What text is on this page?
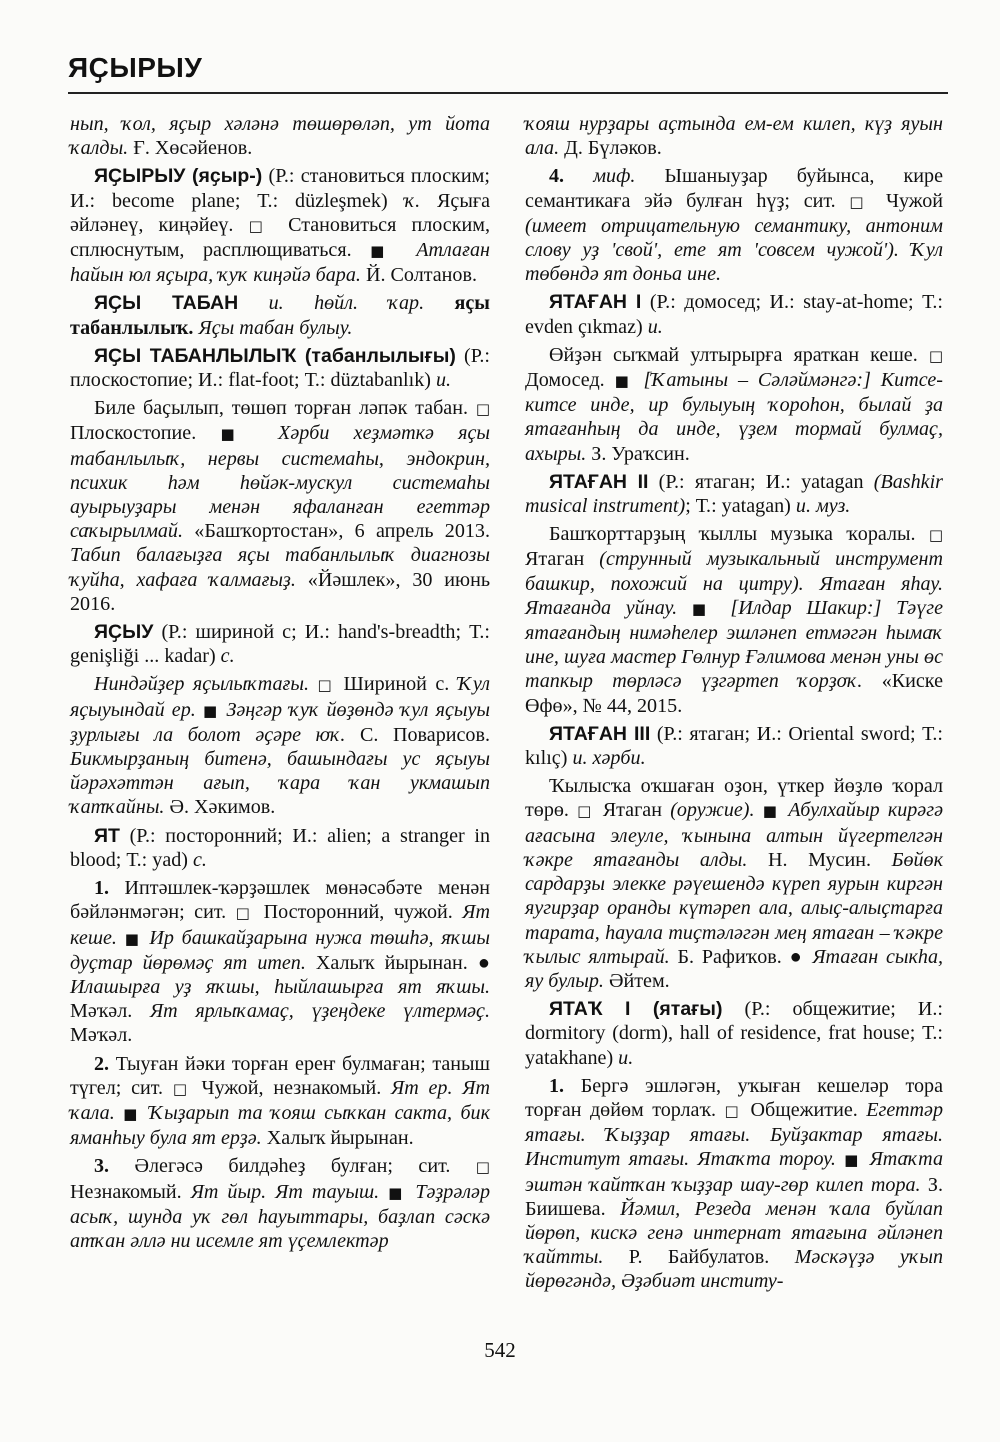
ЯҪЫРЫУ

нып, ҡол, яҫыр хәләнә төшөрөләп, ут йота ҡалды. Ғ. Хөсәйенов.

ЯҪЫРЫУ (яҫыр-) (Р.: становиться плоским; И.: become plane; Т.: düzleşmek) ҡ. Яҫыға әйләнеү, киңәйеү. □ Становиться плоским, сплюснутым, расплющиваться. ■ Атлаған һайын юл яҫыра, ҡуҡ киңәйә бара. Й. Солтанов.

ЯҪЫ ТАБАН и. һөйл. ҡар. яҫы табанлылыҡ. Яҫы табан булыу.

ЯҪЫ ТАБАНЛЫЛЫҠ (табанлылығы) (Р.: плоскостопие; И.: flat-foot; Т.: düztabanlık) и.

Биле баҫылып, төшөп торған ләпәк табан. □ Плоскостопие. ■ Хәрби хеҙмәткә яҫы табанлылыҡ, нервы системаһы, эндокрин, психик һәм һөйәк-мускул системаһы ауырыуҙары менән яфаланған егеттәр саҡырылмай. «Башҡортостан», 6 апрель 2013. Табип балағыҙға яҫы табанлылыҡ диагнозы ҡуйһа, хафаға ҡалмағыҙ. «Йәшлек», 30 июнь 2016.

ЯҪЫУ (Р.: шириной с; И.: hand's-breadth; Т.: genişliği ... kadar) с.

Ниндәйҙер яҫылыҡтағы. □ Шириной с. Ҡул яҫыуындай ер. ■ Зәңгәр ҡуҡ йөҙөндә ҡул яҫыуы ҙурлығы ла болот әҫәре юҡ. С. Поварисов. Бикмырҙаның битенә, башындағы ус яҫыуы йәрәхәттән ағып, ҡара ҡан укмашып ҡатҡайны. Ә. Хәкимов.

ЯТ (Р.: посторонний; И.: alien; a stranger in blood; Т.: yad) с.

1. Иптәшлек-ҡәрҙәшлек мөнәсәбәте менән бәйләнмәгән; сит. □ Посторонний, чужой. Ят кеше. ■ Ир башкайҙарына нужа төшһә, яҡшы дуҫтар йөрөмәҫ ят итеп. Халыҡ йырынан. ● Илашырға уҙ яҡшы, һыйлашырға ят яҡшы. Мәҡәл. Ят ярлыҡамаҫ, үҙеңдеке үлтермәҫ. Мәҡәл.

2. Тыуған йәки торған ереҥ булмаған; таныш түгел; сит. □ Чужой, незнакомый. Ят ер. Ят ҡала. ■ Ҡыҙарып та ҡояш сыҡкан сакта, бик яманһыу була ят ерҙә. Халыҡ йырынан.

3. Әлегәсә билдәһеҙ булған; сит. □ Незнакомый. Ят йыр. Ят тауыш. ■ Тәҙрәләр асыҡ, шунда уҡ гөл һауыттары, баҙлап сәскә атҡан әллә ни исемле ят үҫемлектәр

ҡояш нурҙары аҫтында ем-ем килеп, күҙ яуын ала. Д. Бүләков.

4. миф. Ышаныуҙар буйынса, кире семантикаға эйә булған һүҙ; сит. □ Чужой (имеет отрицательную семантику, антоним слову уҙ 'свой', ете ят 'совсем чужой'). Ҡул төбөндә ят доньа ине.

ЯТАҒАН I (Р.: домосед; И.: stay-at-home; Т.: evden çıkmaz) и.

Өйҙән сыҡмай ултырырға яраткан кеше. □ Домосед. ■ [Ҡатыны – Сәләймәнгә:] Китсе-китсе инде, ир булыуың ҡороһон, былай ҙа ятағанһың да инде, үҙем тормай булмаҫ, ахыры. З. Ураҡсин.

ЯТАҒАН II (Р.: ятаган; И.: yatagan (Bashkir musical instrument); Т.: yatagan) и. муз.

Башҡорттарҙың ҡыллы музыка ҡоралы. □ Ятаган (струнный музыкальный инструмент башкир, похожий на цитру). Ятаған яһау. Ятағанда уйнау. ■ [Илдар Шакир:] Тәүге ятағандың нимәһелер эшләнеп етмәгән һымаҡ ине, шуға мастер Гөлнур Ғәлимова менән уны өс тапкыр төрләсә үҙгәртеп ҡорҙоҡ. «Киске Өфө», № 44, 2015.

ЯТАҒАН III (Р.: ятаган; И.: Oriental sword; Т.: kılıç) и. хәрби.

Ҡылысҡа оҡшаған оҙон, үткер йөҙлө ҡорал төрө. □ Ятаган (оружие). ■ Абулхайыр кирәгә ағасына элеуле, ҡынына алтын йүгертелгән ҡәкре ятағанды алды. Н. Мусин. Бөйөк сардарҙы элекке рәүешендә күреп яурын киргән яугирҙар оранды күтәреп ала, алыҫ-алыҫтарға тарата, һауала тиҫтәләгән мең ятаған – ҡәкре ҡылыс ялтырай. Б. Рафиҡов. ● Ятаған сыкһа, яу булыр. Әйтем.

ЯТАҠ I (ятағы) (Р.: общежитие; И.: dormitory (dorm), hall of residence, frat house; Т.: yatakhane) и.

1. Бергә эшләгән, уҡыған кешеләр тора торған дөйөм торлаҡ. □ Общежитие. Егеттәр ятағы. Ҡыҙҙар ятағы. Буйҙактар ятағы. Институт ятағы. Ятаҡта тороу. ■ Ятаҡта эштән ҡайтҡан ҡыҙҙар шау-гөр килеп тора. З. Биишева. Йәмил, Резеда менән ҡала буйлап йөрөп, кискә генә интернат ятағына әйләнеп ҡайтты. Р. Байбулатов. Мәскәүҙә уҡып йөрөгәндә, Әҙәбиәт институ-

542
